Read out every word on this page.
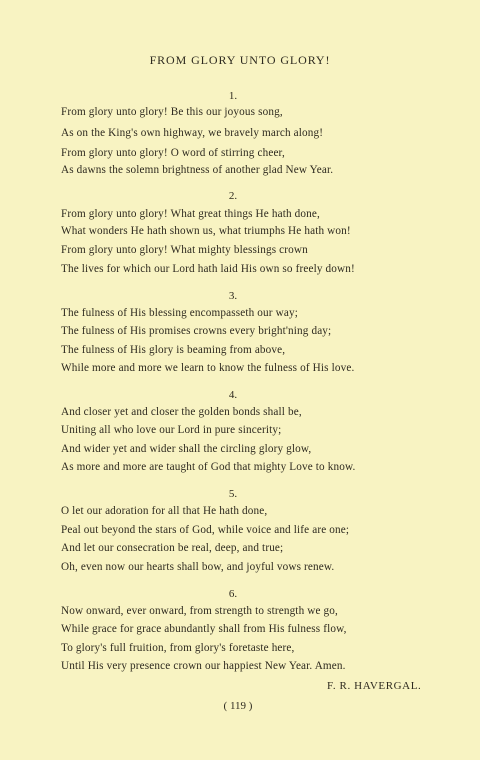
FROM GLORY UNTO GLORY!
1.
From glory unto glory! Be this our joyous song,
As on the King's own highway, we bravely march along!
From glory unto glory! O word of stirring cheer,
As dawns the solemn brightness of another glad New Year.
2.
From glory unto glory! What great things He hath done,
What wonders He hath shown us, what triumphs He hath won!
From glory unto glory! What mighty blessings crown
The lives for which our Lord hath laid His own so freely down!
3.
The fulness of His blessing encompasseth our way;
The fulness of His promises crowns every bright'ning day;
The fulness of His glory is beaming from above,
While more and more we learn to know the fulness of His love.
4.
And closer yet and closer the golden bonds shall be,
Uniting all who love our Lord in pure sincerity;
And wider yet and wider shall the circling glory glow,
As more and more are taught of God that mighty Love to know.
5.
O let our adoration for all that He hath done,
Peal out beyond the stars of God, while voice and life are one;
And let our consecration be real, deep, and true;
Oh, even now our hearts shall bow, and joyful vows renew.
6.
Now onward, ever onward, from strength to strength we go,
While grace for grace abundantly shall from His fulness flow,
To glory's full fruition, from glory's foretaste here,
Until His very presence crown our happiest New Year. Amen.
F. R. HAVERGAL.
( 119 )
